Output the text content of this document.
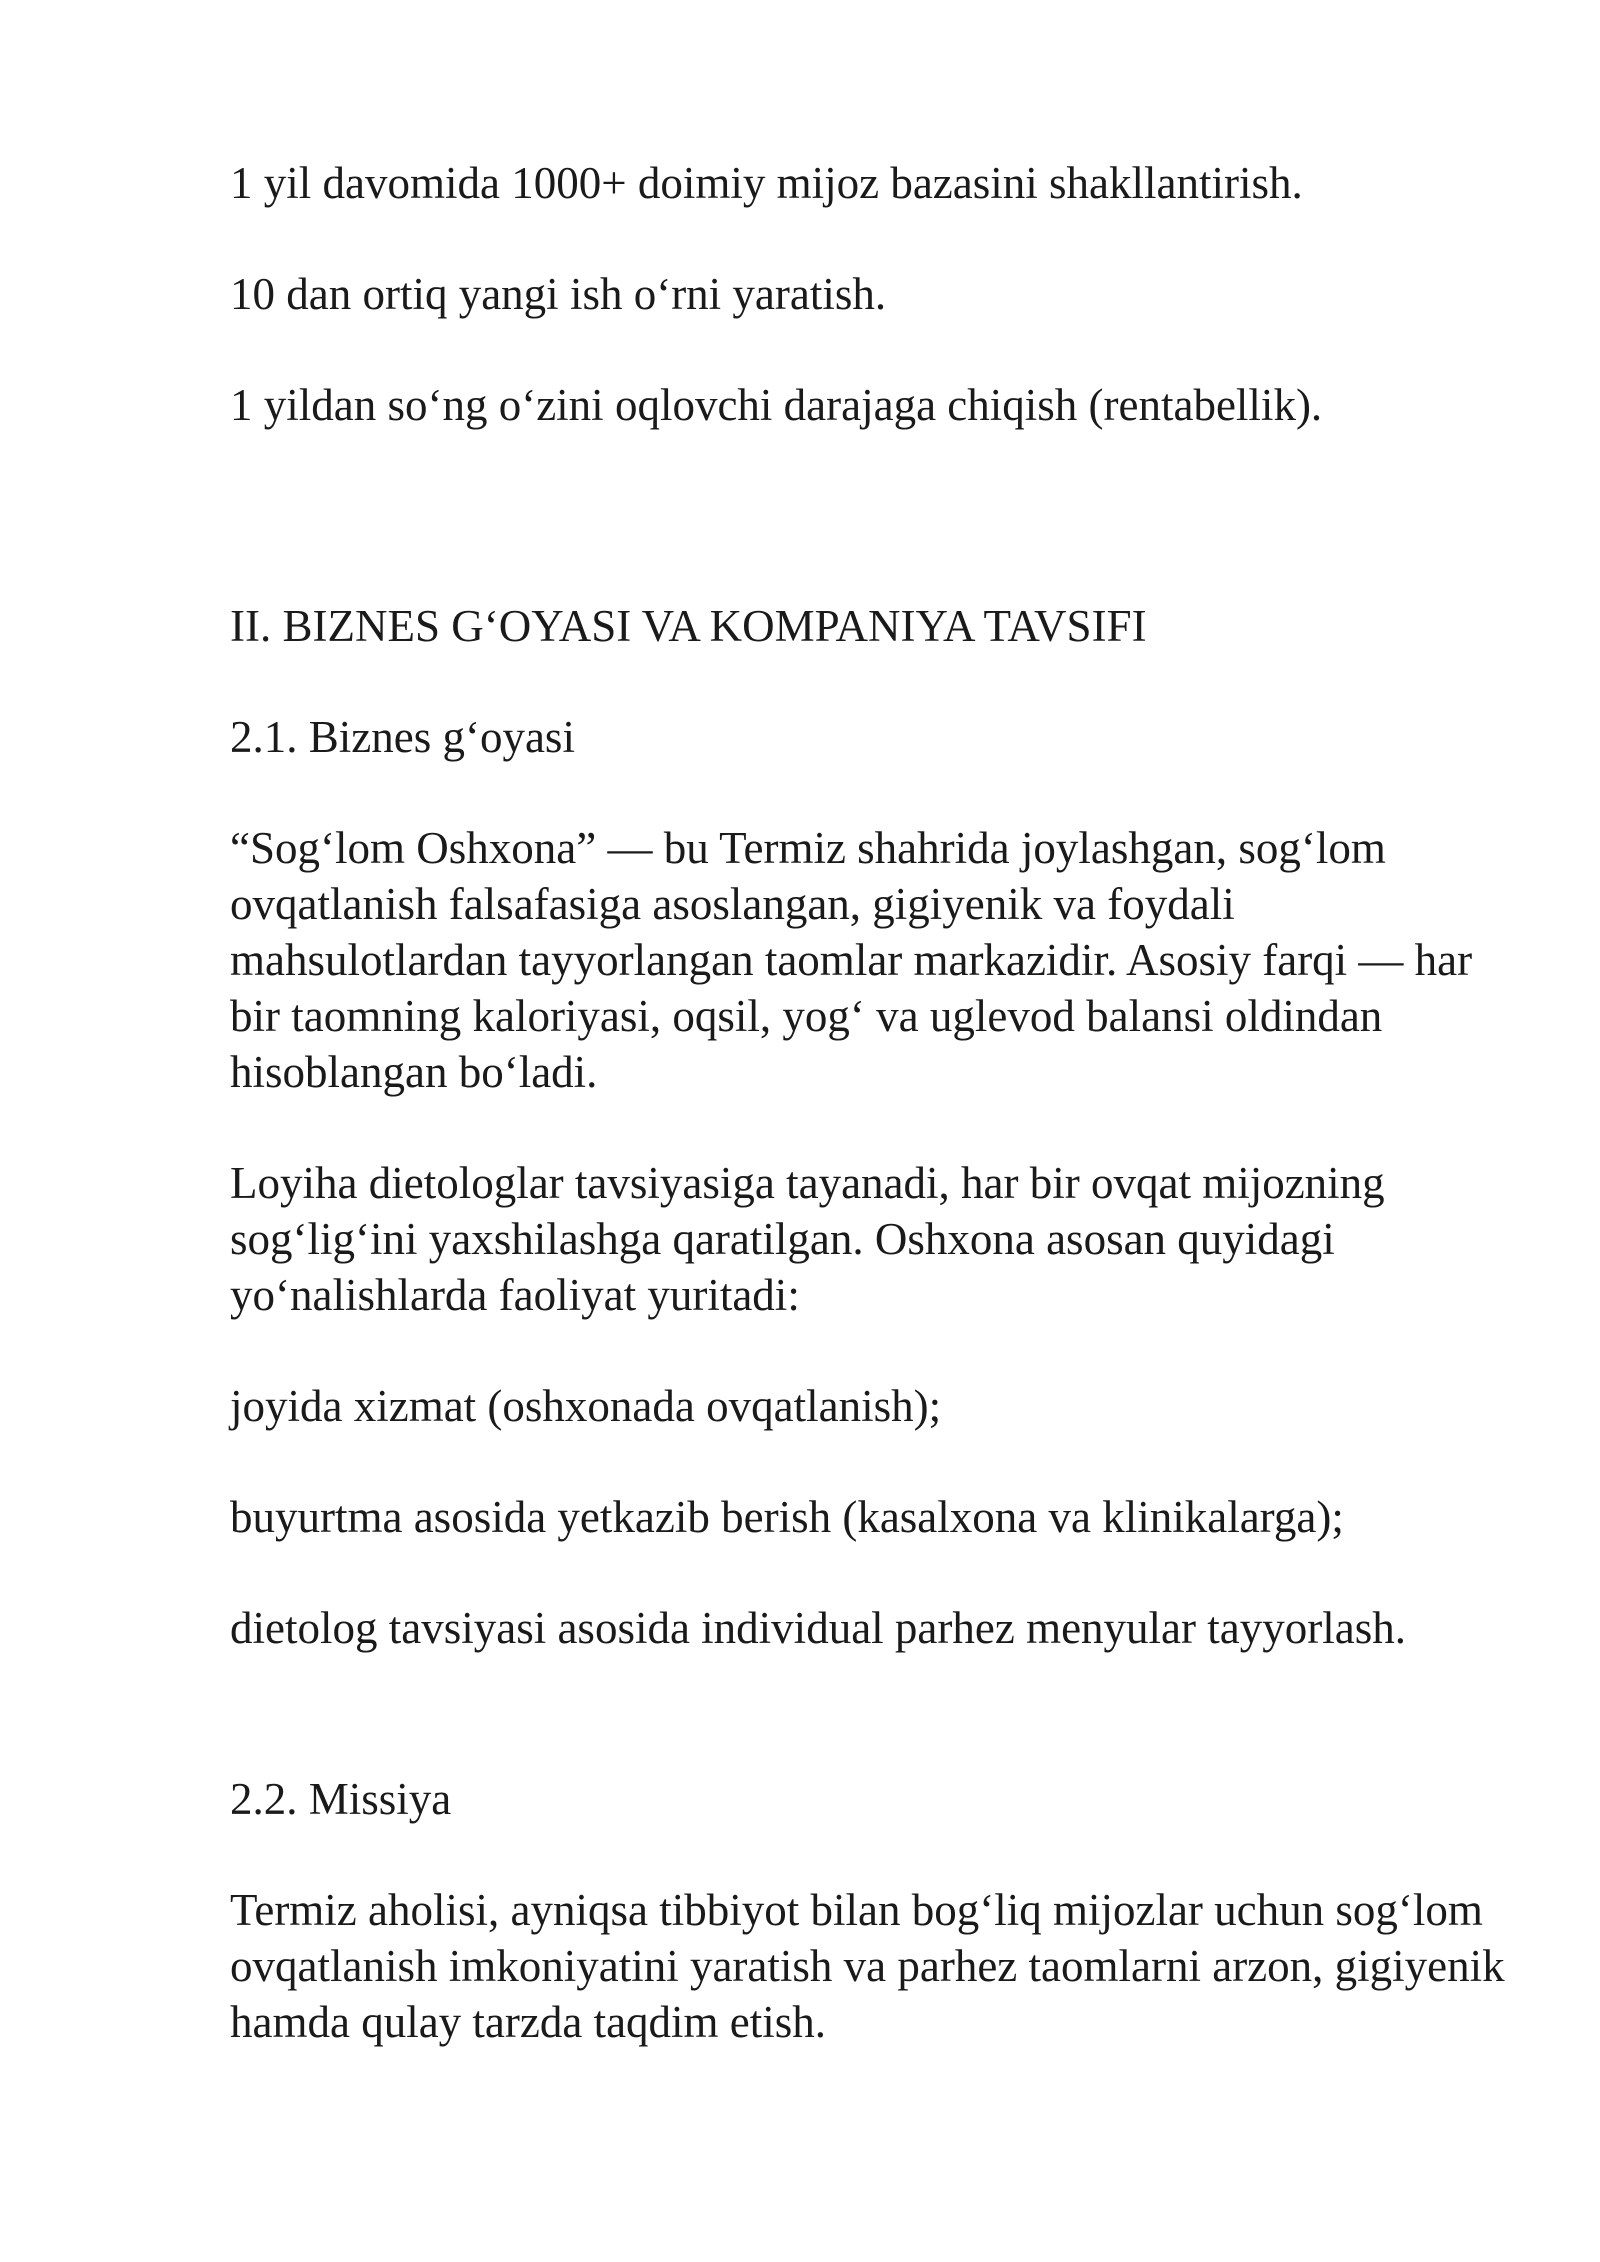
1 yil davomida 1000+ doimiy mijoz bazasini shakllantirish.

10 dan ortiq yangi ish o‘rni yaratish.

1 yildan so‘ng o‘zini oqlovchi darajaga chiqish (rentabellik).

II. BIZNES G‘OYASI VA KOMPANIYA TAVSIFI

2.1. Biznes g‘oyasi

“Sog‘lom Oshxona” — bu Termiz shahrida joylashgan, sog‘lom ovqatlanish falsafasiga asoslangan, gigiyenik va foydali mahsulotlardan tayyorlangan taomlar markazidir. Asosiy farqi — har bir taomning kaloriyasi, oqsil, yog‘ va uglevod balansi oldindan hisoblangan bo‘ladi.

Loyiha dietologlar tavsiyasiga tayanadi, har bir ovqat mijozning sog‘lig‘ini yaxshilashga qaratilgan. Oshxona asosan quyidagi yo‘nalishlarda faoliyat yuritadi:

joyida xizmat (oshxonada ovqatlanish);

buyurtma asosida yetkazib berish (kasalxona va klinikalarga);

dietolog tavsiyasi asosida individual parhez menyular tayyorlash.

2.2. Missiya

Termiz aholisi, ayniqsa tibbiyot bilan bog‘liq mijozlar uchun sog‘lom ovqatlanish imkoniyatini yaratish va parhez taomlarni arzon, gigiyenik hamda qulay tarzda taqdim etish.
